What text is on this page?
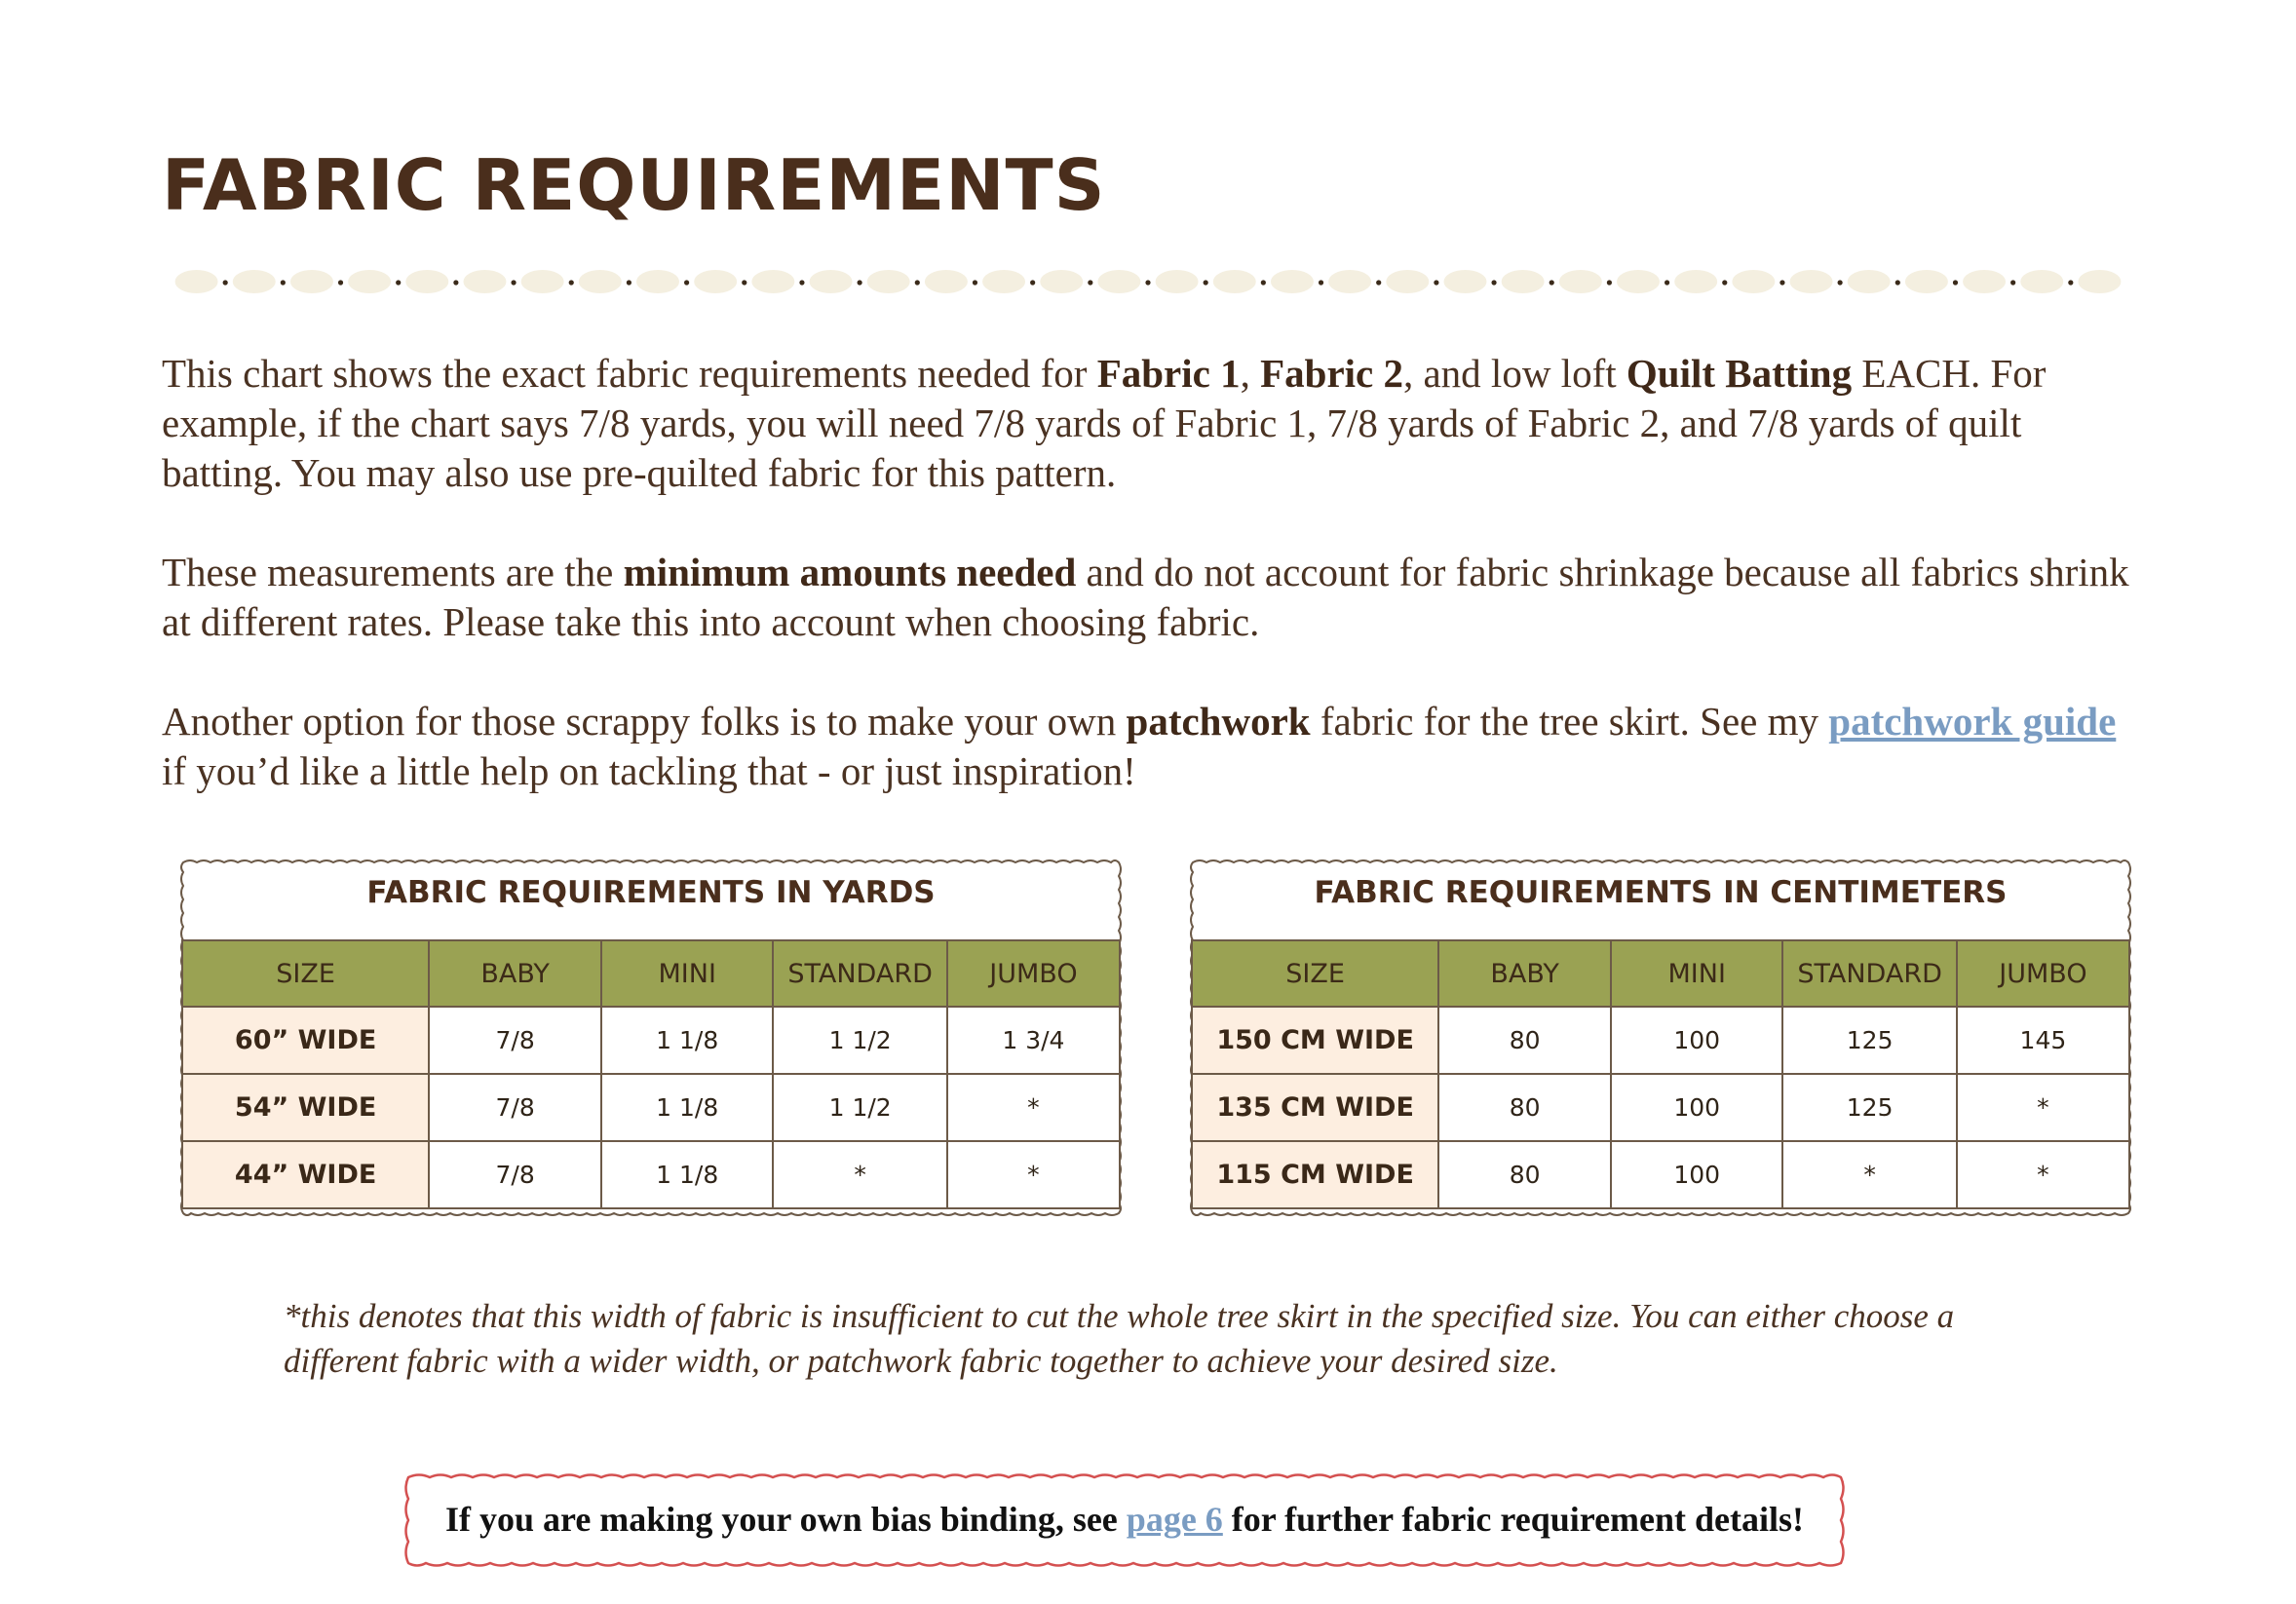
FABRIC REQUIREMENTS

This chart shows the exact fabric requirements needed for Fabric 1, Fabric 2, and low loft Quilt Batting EACH. For example, if the chart says 7/8 yards, you will need 7/8 yards of Fabric 1, 7/8 yards of Fabric 2, and 7/8 yards of quilt batting. You may also use pre-quilted fabric for this pattern.

These measurements are the minimum amounts needed and do not account for fabric shrinkage because all fabrics shrink at different rates. Please take this into account when choosing fabric.

Another option for those scrappy folks is to make your own patchwork fabric for the tree skirt. See my patchwork guide if you’d like a little help on tackling that - or just inspiration!

FABRIC REQUIREMENTS IN YARDS
SIZE	BABY	MINI	STANDARD	JUMBO
60” WIDE	7/8	1 1/8	1 1/2	1 3/4
54” WIDE	7/8	1 1/8	1 1/2	*
44” WIDE	7/8	1 1/8	*	*
FABRIC REQUIREMENTS IN CENTIMETERS
SIZE	BABY	MINI	STANDARD	JUMBO
150 CM WIDE	80	100	125	145
135 CM WIDE	80	100	125	*
115 CM WIDE	80	100	*	*

*this denotes that this width of fabric is insufficient to cut the whole tree skirt in the specified size. You can either choose a different fabric with a wider width, or patchwork fabric together to achieve your desired size.

If you are making your own bias binding, see page 6 for further fabric requirement details!
